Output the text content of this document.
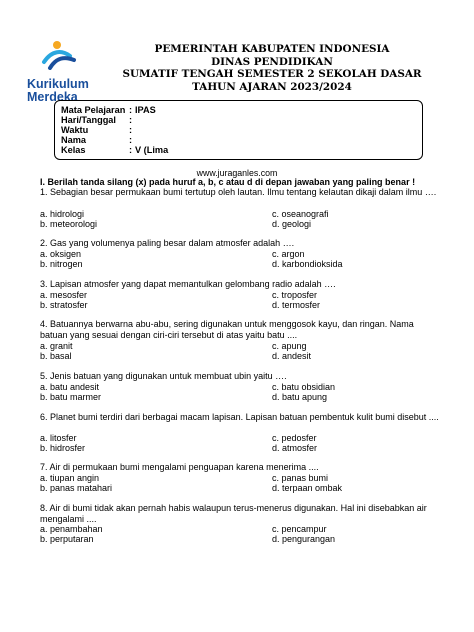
Kurikulum
Merdeka
PEMERINTAH KABUPATEN INDONESIA
DINAS PENDIDIKAN
SUMATIF TENGAH SEMESTER 2 SEKOLAH DASAR
TAHUN AJARAN 2023/2024
Mata Pelajaran : IPAS
Hari/Tanggal	:
Waktu	:
Nama	:
Kelas	: V (Lima
www.juraganles.com
I. Berilah tanda silang (x) pada huruf a, b, c atau d di depan jawaban yang paling benar !
1. Sebagian besar permukaan bumi tertutup oleh lautan. Ilmu tentang kelautan dikaji dalam ilmu ….
a. hidrologi
b. meteorologi
c. oseanografi
d. geologi
2. Gas yang volumenya paling besar dalam atmosfer adalah ….
a. oksigen
b. nitrogen
c. argon
d. karbondioksida
3. Lapisan atmosfer yang dapat memantulkan gelombang radio adalah ….
a. mesosfer
b. stratosfer
c. troposfer
d. termosfer
4. Batuannya berwarna abu-abu, sering digunakan untuk menggosok kayu, dan ringan. Nama batuan yang sesuai dengan ciri-ciri tersebut di atas yaitu batu ....
a. granit
b. basal
c. apung
d. andesit
5. Jenis batuan yang digunakan untuk membuat ubin yaitu ….
a. batu andesit
b. batu marmer
c. batu obsidian
d. batu apung
6. Planet bumi terdiri dari berbagai macam lapisan. Lapisan batuan pembentuk kulit bumi disebut ....
a. litosfer
b. hidrosfer
c. pedosfer
d. atmosfer
7. Air di permukaan bumi mengalami penguapan karena menerima ....
a. tiupan angin
b. panas matahari
c. panas bumi
d. terpaan ombak
8. Air di bumi tidak akan pernah habis walaupun terus-menerus digunakan. Hal ini disebabkan air mengalami ....
a. penambahan
b. perputaran
c. pencampur
d. pengurangan
